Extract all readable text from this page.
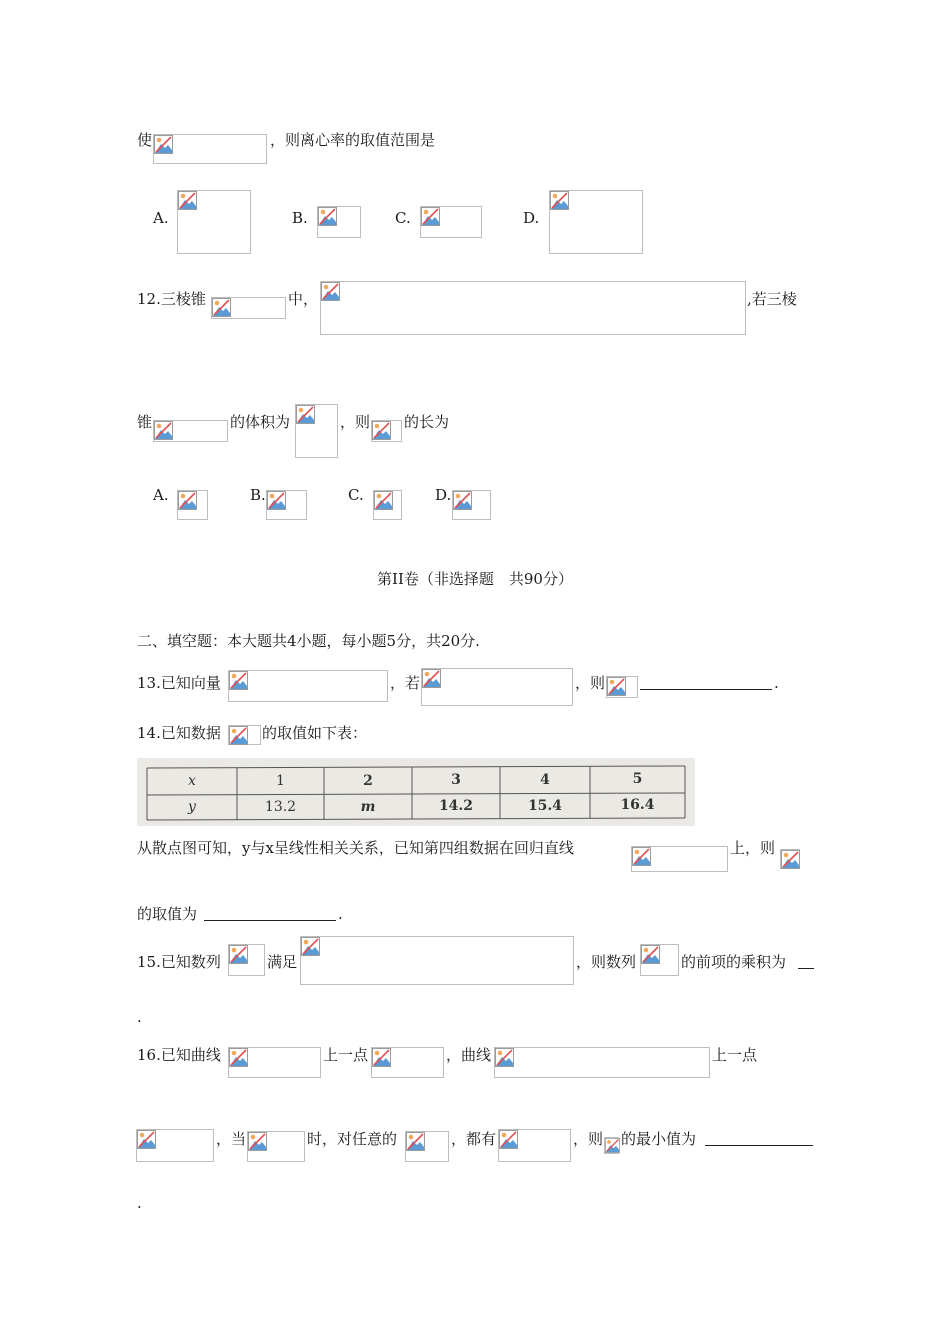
使	，则离心率的取值范围是
A.	B.	C.	D.
12.三棱锥	中，	,若三棱
锥	的体积为	，则 的长为
A.	B.	C.	D.
第II卷（非选择题　共90分）
二、填空题：本大题共4小题，每小题5分，共20分.
13.已知向量	，若	，则	.
14.已知数据	的取值如下表：
x	1	2	3	4	5
y	13.2	m	14.2	15.4	16.4
从散点图可知，y与x呈线性相关关系，已知第四组数据在回归直线	上，则
的取值为	.
15.已知数列	满足	，则数列	的前项的乘积为
.
16.已知曲线	上一点	，曲线	上一点
，当	时，对任意的	，都有	，则 的最小值为
.
